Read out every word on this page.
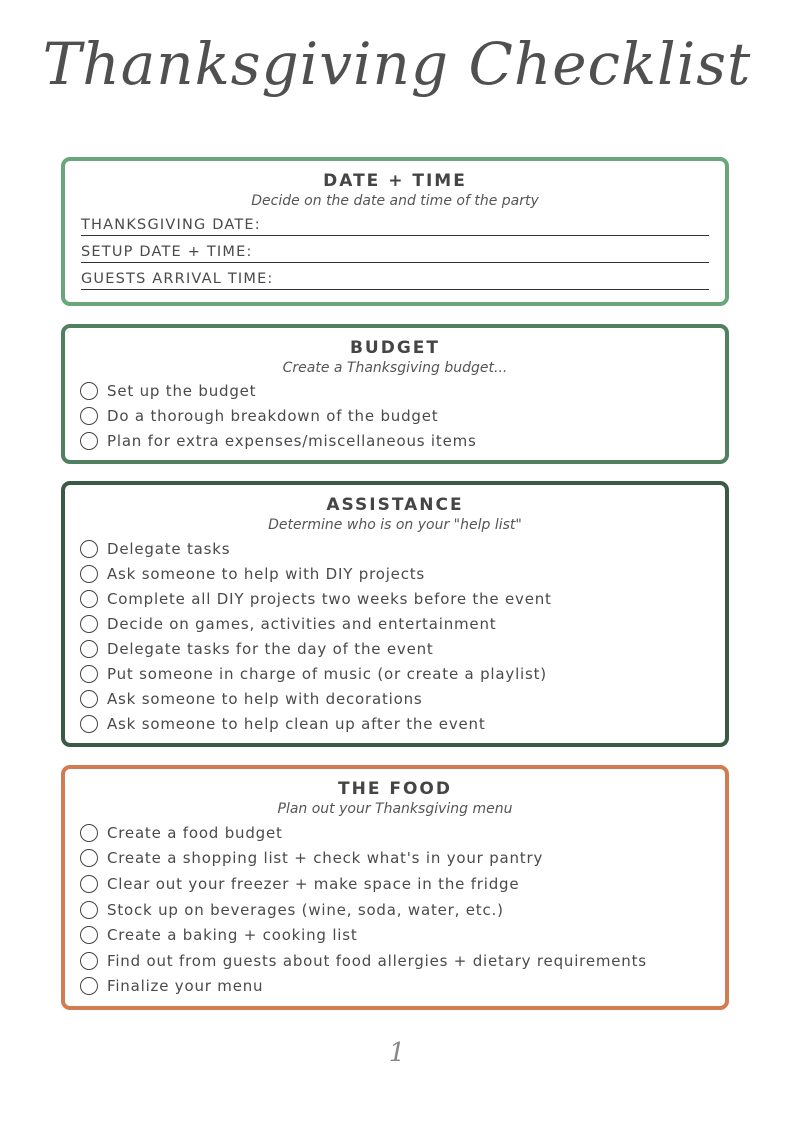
Thanksgiving Checklist
DATE + TIME
Decide on the date and time of the party
THANKSGIVING DATE:
SETUP DATE + TIME:
GUESTS ARRIVAL TIME:
BUDGET
Create a Thanksgiving budget...
Set up the budget
Do a thorough breakdown of the budget
Plan for extra expenses/miscellaneous items
ASSISTANCE
Determine who is on your "help list"
Delegate tasks
Ask someone to help with DIY projects
Complete all DIY projects two weeks before the event
Decide on games, activities and entertainment
Delegate tasks for the day of the event
Put someone in charge of music (or create a playlist)
Ask someone to help with decorations
Ask someone to help clean up after the event
THE FOOD
Plan out your Thanksgiving menu
Create a food budget
Create a shopping list + check what's in your pantry
Clear out your freezer + make space in the fridge
Stock up on beverages (wine, soda, water, etc.)
Create a baking + cooking list
Find out from guests about food allergies + dietary requirements
Finalize your menu
1
